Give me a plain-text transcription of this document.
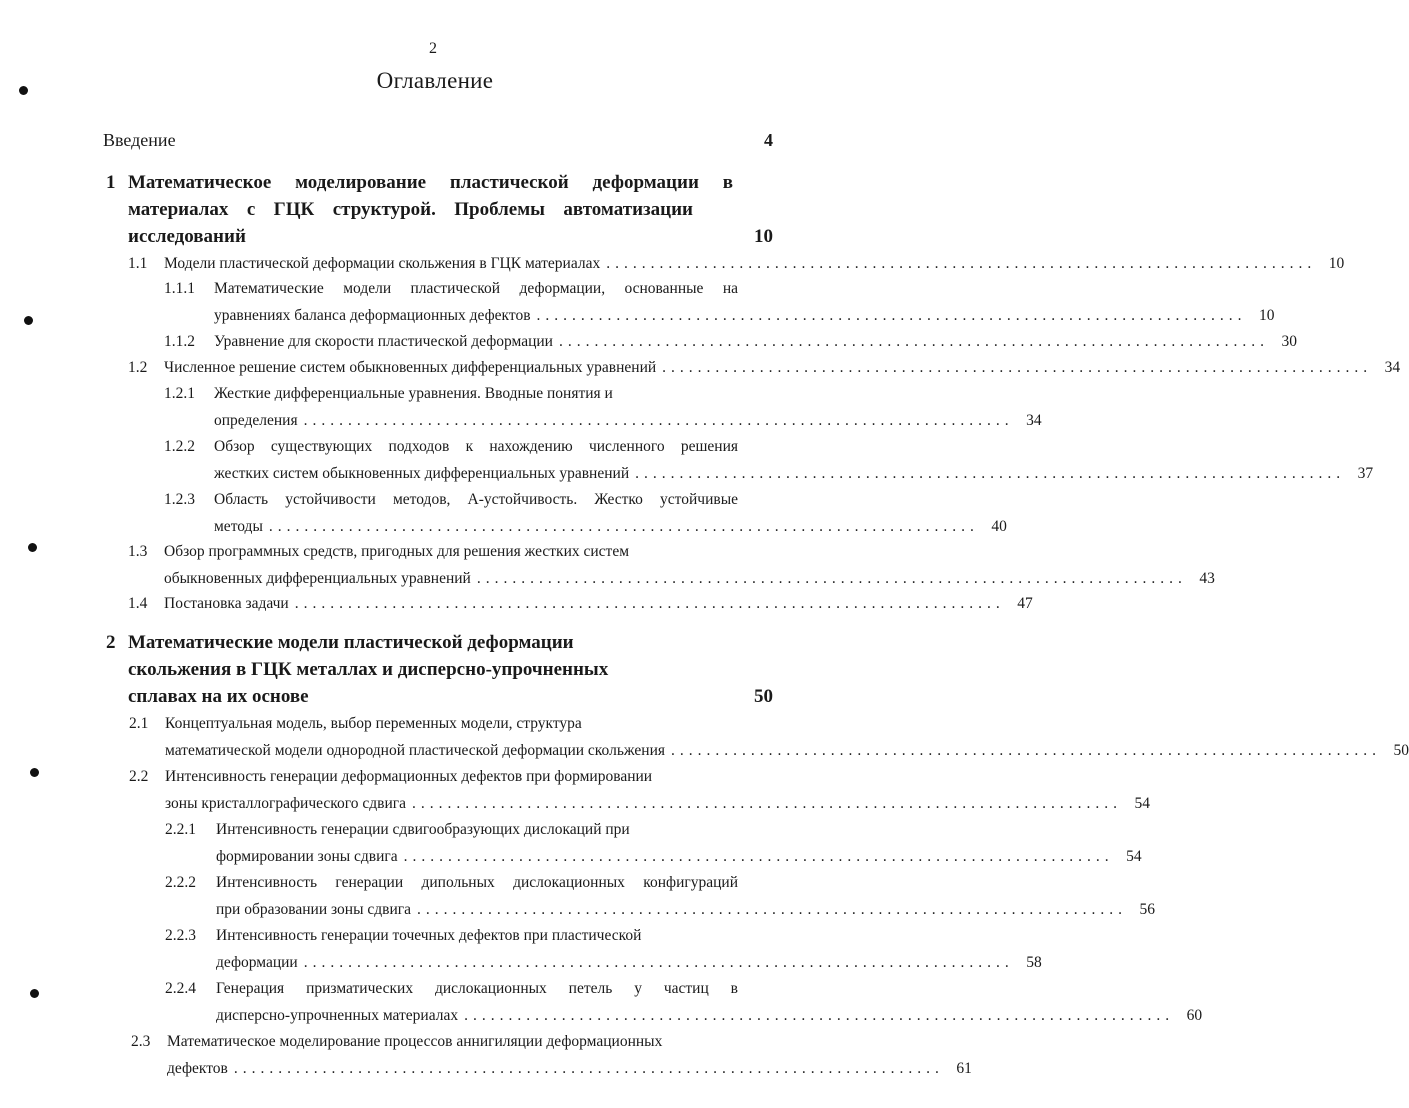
2
Оглавление
Введение	4
1 Математическое моделирование пластической деформации в
материалах с ГЦК структурой. Проблемы автоматизации
исследований	10
1.1	Модели пластической деформации скольжения в ГЦК материалах ................................................................................ 10
1.1.1	Математические модели пластической деформации, основанные на
уравнениях баланса деформационных дефектов ................................................................................ 10
1.1.2	Уравнение для скорости пластической деформации ................................................................................ 30
1.2	Численное решение систем обыкновенных дифференциальных уравнений ................................................................................ 34
1.2.1	Жесткие дифференциальные уравнения. Вводные понятия и
определения ................................................................................ 34
1.2.2	Обзор существующих подходов к нахождению численного решения
жестких систем обыкновенных дифференциальных уравнений ................................................................................ 37
1.2.3	Область устойчивости методов, А-устойчивость. Жестко устойчивые
методы ................................................................................ 40
1.3	Обзор программных средств, пригодных для решения жестких систем
обыкновенных дифференциальных уравнений ................................................................................ 43
1.4	Постановка задачи ................................................................................ 47
2 Математические модели пластической деформации
скольжения в ГЦК металлах и дисперсно-упрочненных
сплавах на их основе	50
2.1	Концептуальная модель, выбор переменных модели, структура
математической модели однородной пластической деформации скольжения ................................................................................ 50
2.2	Интенсивность генерации деформационных дефектов при формировании
зоны кристаллографического сдвига ................................................................................ 54
2.2.1	Интенсивность генерации сдвигообразующих дислокаций при
формировании зоны сдвига ................................................................................ 54
2.2.2	Интенсивность генерации дипольных дислокационных конфигураций
при образовании зоны сдвига ................................................................................ 56
2.2.3	Интенсивность генерации точечных дефектов при пластической
деформации ................................................................................ 58
2.2.4	Генерация призматических дислокационных петель у частиц в
дисперсно-упрочненных материалах ................................................................................ 60
2.3	Математическое моделирование процессов аннигиляции деформационных
дефектов ................................................................................ 61
